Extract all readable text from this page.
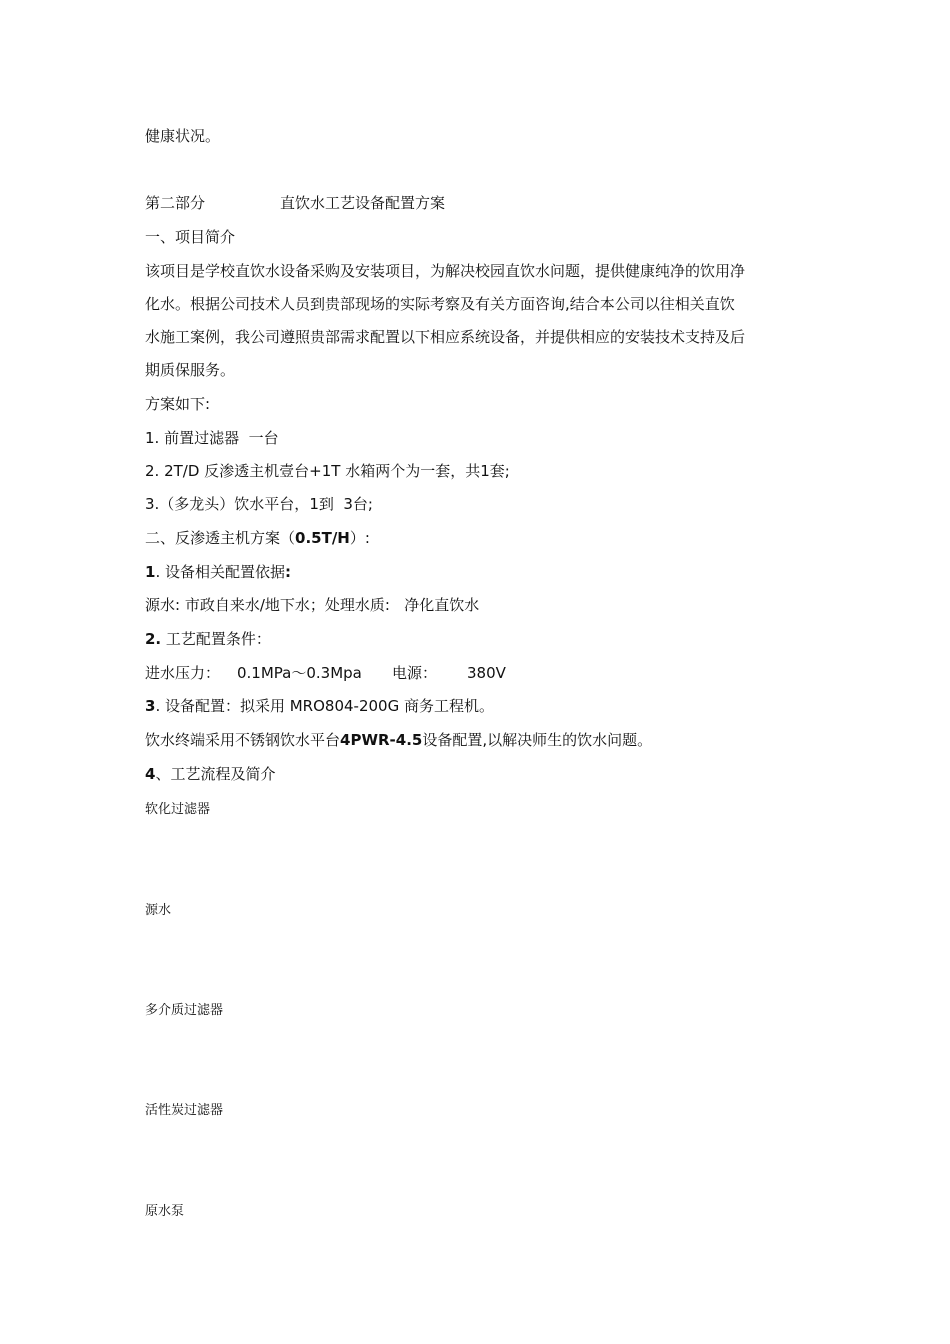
健康状况。
第二部分	直饮水工艺设备配置方案
一、项目简介
该项目是学校直饮水设备采购及安装项目，为解决校园直饮水问题，提供健康纯净的饮用净
化水。根据公司技术人员到贵部现场的实际考察及有关方面咨询,结合本公司以往相关直饮
水施工案例，我公司遵照贵部需求配置以下相应系统设备，并提供相应的安装技术支持及后
期质保服务。
方案如下:
1. 前置过滤器  一台
2. 2T/D 反渗透主机壹台+1T 水箱两个为一套，共1套;
3.（多龙头）饮水平台，1到  3台;
二、反渗透主机方案（0.5T/H）:
1. 设备相关配置依据:
源水: 市政自来水/地下水；处理水质:   净化直饮水
2. 工艺配置条件：
进水压力： 0.1MPa～0.3Mpa 电源： 380V
3. 设备配置：拟采用 MRO804-200G 商务工程机。
饮水终端采用不锈钢饮水平台4PWR-4.5设备配置,以解决师生的饮水问题。
4、工艺流程及简介
软化过滤器
源水
多介质过滤器
活性炭过滤器
原水泵
